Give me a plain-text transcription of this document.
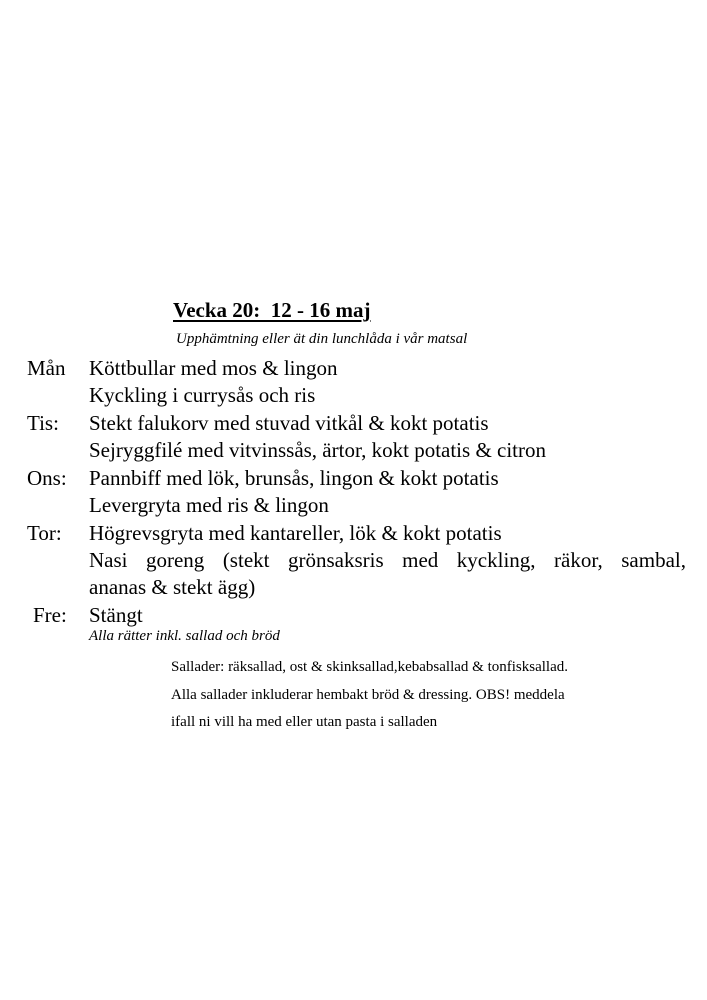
Vecka 20:  12 - 16 maj
Upphämtning eller ät din lunchlåda i vår matsal
Mån Köttbullar med mos & lingon
Kyckling i currysås och ris
Tis: Stekt falukorv med stuvad vitkål & kokt potatis
Sejryggfilé med vitvinssås, ärtor, kokt potatis & citron
Ons: Pannbiff med lök, brunsås, lingon & kokt potatis
Levergryta med ris & lingon
Tor: Högrevsgryta med kantareller, lök & kokt potatis
Nasi goreng (stekt grönsaksris med kyckling, räkor, sambal,
ananas & stekt ägg)
Fre: Stängt
Alla rätter inkl. sallad och bröd
Sallader: räksallad, ost & skinksallad,kebabsallad & tonfisksallad. Alla sallader inkluderar hembakt bröd & dressing. OBS! meddela ifall ni vill ha med eller utan pasta i salladen
